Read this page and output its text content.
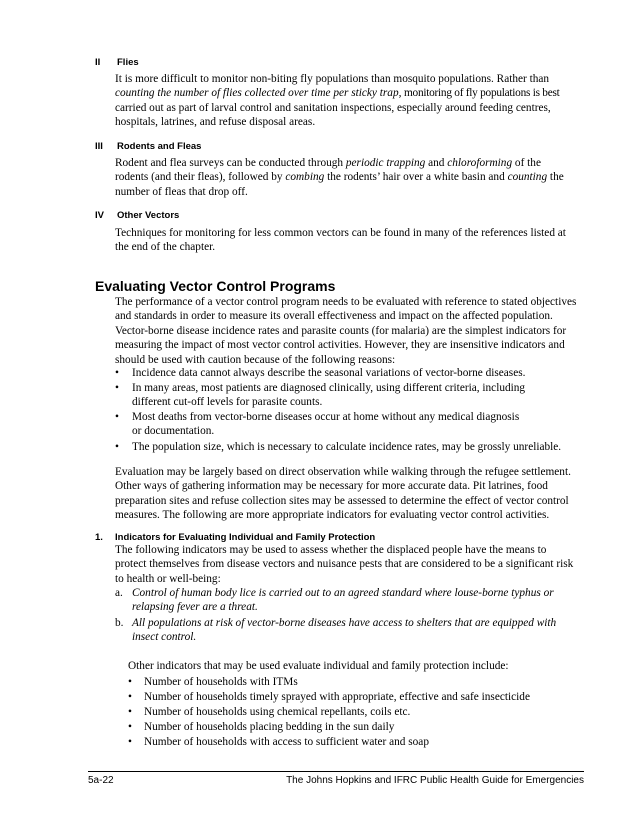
II Flies
It is more difficult to monitor non-biting fly populations than mosquito populations. Rather than
counting the number of flies collected over time per sticky trap, monitoring of fly populations is best
carried out as part of larval control and sanitation inspections, especially around feeding centres,
hospitals, latrines, and refuse disposal areas.
III Rodents and Fleas
Rodent and flea surveys can be conducted through periodic trapping and chloroforming of the
rodents (and their fleas), followed by combing the rodents’ hair over a white basin and counting the
number of fleas that drop off.
IV Other Vectors
Techniques for monitoring for less common vectors can be found in many of the references listed at
the end of the chapter.
Evaluating Vector Control Programs
The performance of a vector control program needs to be evaluated with reference to stated objectives
and standards in order to measure its overall effectiveness and impact on the affected population.
Vector-borne disease incidence rates and parasite counts (for malaria) are the simplest indicators for
measuring the impact of most vector control activities. However, they are insensitive indicators and
should be used with caution because of the following reasons:
• Incidence data cannot always describe the seasonal variations of vector-borne diseases.
• In many areas, most patients are diagnosed clinically, using different criteria, including
different cut-off levels for parasite counts.
• Most deaths from vector-borne diseases occur at home without any medical diagnosis
or documentation.
• The population size, which is necessary to calculate incidence rates, may be grossly unreliable.
Evaluation may be largely based on direct observation while walking through the refugee settlement.
Other ways of gathering information may be necessary for more accurate data. Pit latrines, food
preparation sites and refuse collection sites may be assessed to determine the effect of vector control
measures. The following are more appropriate indicators for evaluating vector control activities.
1. Indicators for Evaluating Individual and Family Protection
The following indicators may be used to assess whether the displaced people have the means to
protect themselves from disease vectors and nuisance pests that are considered to be a significant risk
to health or well-being:
a. Control of human body lice is carried out to an agreed standard where louse-borne typhus or
relapsing fever are a threat.
b. All populations at risk of vector-borne diseases have access to shelters that are equipped with
insect control.
Other indicators that may be used evaluate individual and family protection include:
• Number of households with ITMs
• Number of households timely sprayed with appropriate, effective and safe insecticide
• Number of households using chemical repellants, coils etc.
• Number of households placing bedding in the sun daily
• Number of households with access to sufficient water and soap
5a-22	The Johns Hopkins and IFRC Public Health Guide for Emergencies
